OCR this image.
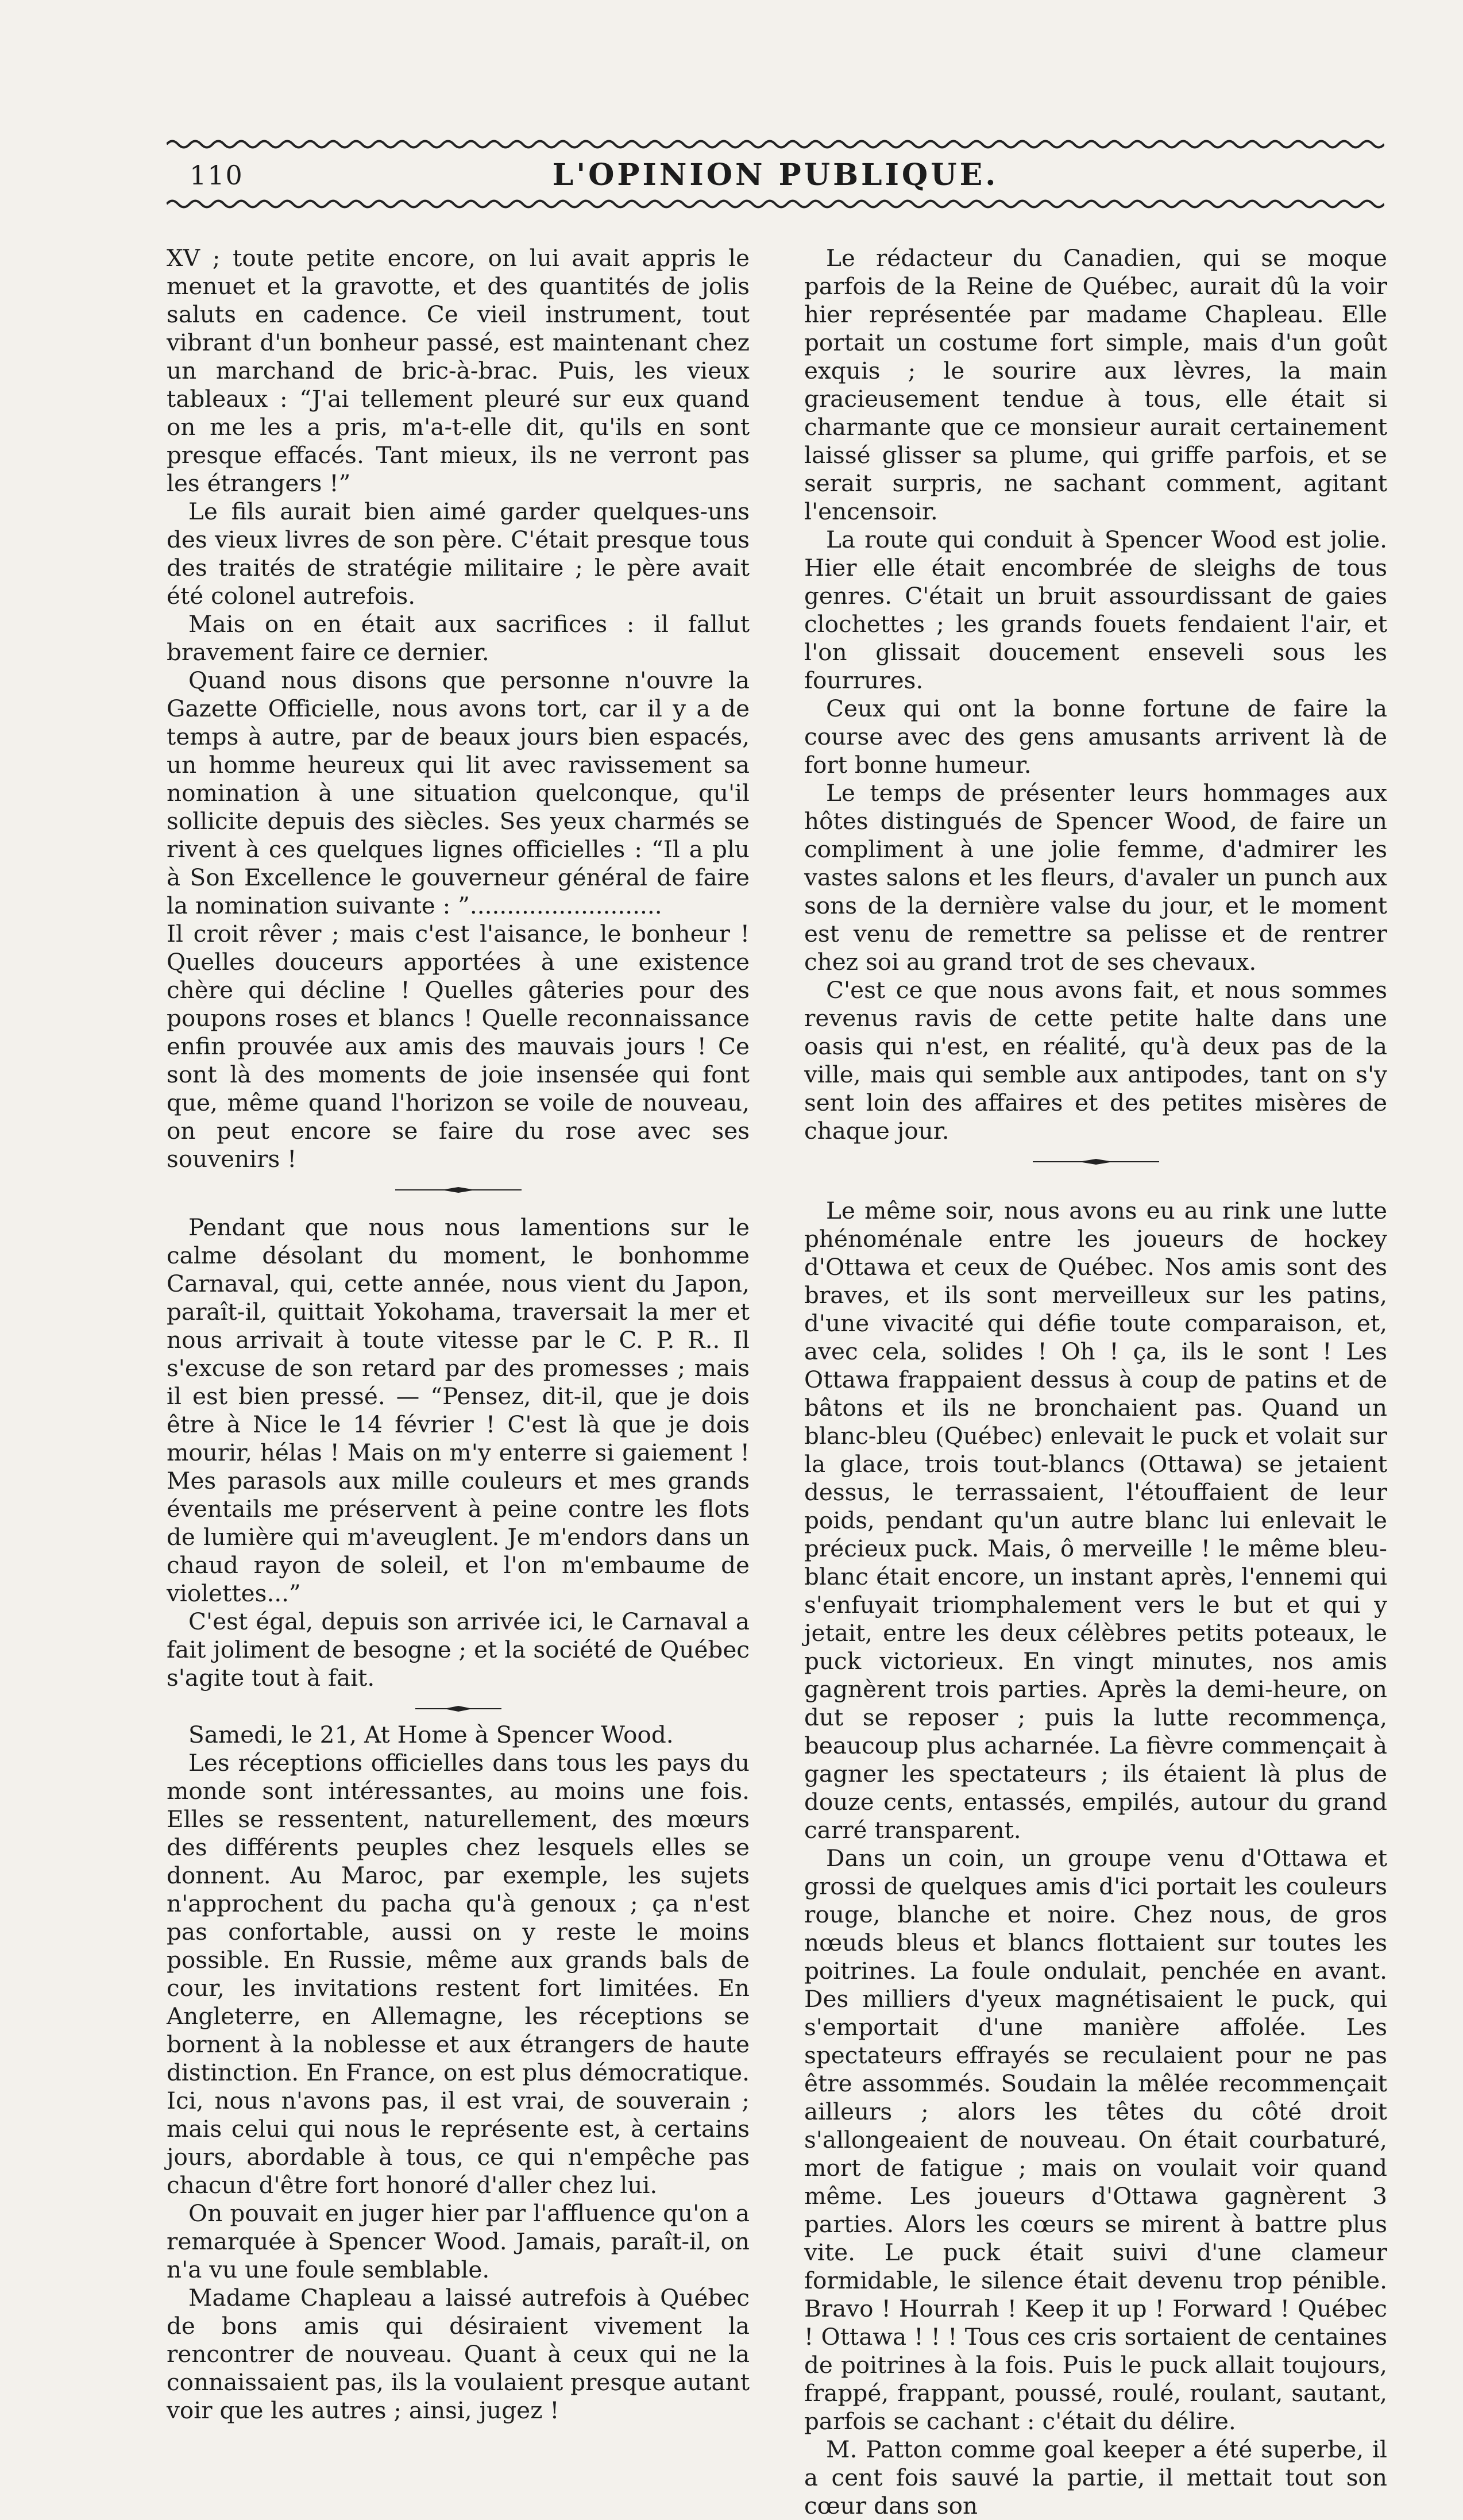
110	L'OPINION PUBLIQUE.

XV ; toute petite encore, on lui avait appris le menuet et la gravotte, et des quantités de jolis saluts en cadence. Ce vieil instrument, tout vibrant d'un bonheur passé, est maintenant chez un marchand de bric-à-brac. Puis, les vieux tableaux : “J'ai tellement pleuré sur eux quand on me les a pris, m'a-t-elle dit, qu'ils en sont presque effacés. Tant mieux, ils ne verront pas les étrangers !”

Le fils aurait bien aimé garder quelques-uns des vieux livres de son père. C'était presque tous des traités de stratégie militaire ; le père avait été colonel autrefois.

Mais on en était aux sacrifices : il fallut bravement faire ce dernier.

Quand nous disons que personne n'ouvre la Gazette Officielle, nous avons tort, car il y a de temps à autre, par de beaux jours bien espacés, un homme heureux qui lit avec ravissement sa nomination à une situation quelconque, qu'il sollicite depuis des siècles. Ses yeux charmés se rivent à ces quelques lignes officielles : “Il a plu à Son Excellence le gouverneur général de faire la nomination suivante : ”..........................

Il croit rêver ; mais c'est l'aisance, le bonheur ! Quelles douceurs apportées à une existence chère qui décline ! Quelles gâteries pour des poupons roses et blancs ! Quelle reconnaissance enfin prouvée aux amis des mauvais jours ! Ce sont là des moments de joie insensée qui font que, même quand l'horizon se voile de nouveau, on peut encore se faire du rose avec ses souvenirs !

Pendant que nous nous lamentions sur le calme désolant du moment, le bonhomme Carnaval, qui, cette année, nous vient du Japon, paraît-il, quittait Yokohama, traversait la mer et nous arrivait à toute vitesse par le C. P. R.. Il s'excuse de son retard par des promesses ; mais il est bien pressé. — “Pensez, dit-il, que je dois être à Nice le 14 février ! C'est là que je dois mourir, hélas ! Mais on m'y enterre si gaiement ! Mes parasols aux mille couleurs et mes grands éventails me préservent à peine contre les flots de lumière qui m'aveuglent. Je m'endors dans un chaud rayon de soleil, et l'on m'embaume de violettes...”

C'est égal, depuis son arrivée ici, le Carnaval a fait joliment de besogne ; et la société de Québec s'agite tout à fait.

Samedi, le 21, At Home à Spencer Wood.

Les réceptions officielles dans tous les pays du monde sont intéressantes, au moins une fois. Elles se ressentent, naturellement, des mœurs des différents peuples chez lesquels elles se donnent. Au Maroc, par exemple, les sujets n'approchent du pacha qu'à genoux ; ça n'est pas confortable, aussi on y reste le moins possible. En Russie, même aux grands bals de cour, les invitations restent fort limitées. En Angleterre, en Allemagne, les réceptions se bornent à la noblesse et aux étrangers de haute distinction. En France, on est plus démocratique. Ici, nous n'avons pas, il est vrai, de souverain ; mais celui qui nous le représente est, à certains jours, abordable à tous, ce qui n'empêche pas chacun d'être fort honoré d'aller chez lui.

On pouvait en juger hier par l'affluence qu'on a remarquée à Spencer Wood. Jamais, paraît-il, on n'a vu une foule semblable.

Madame Chapleau a laissé autrefois à Québec de bons amis qui désiraient vivement la rencontrer de nouveau. Quant à ceux qui ne la connaissaient pas, ils la voulaient presque autant voir que les autres ; ainsi, jugez !

Le rédacteur du Canadien, qui se moque parfois de la Reine de Québec, aurait dû la voir hier représentée par madame Chapleau. Elle portait un costume fort simple, mais d'un goût exquis ; le sourire aux lèvres, la main gracieusement tendue à tous, elle était si charmante que ce monsieur aurait certainement laissé glisser sa plume, qui griffe parfois, et se serait surpris, ne sachant comment, agitant l'encensoir.

La route qui conduit à Spencer Wood est jolie. Hier elle était encombrée de sleighs de tous genres. C'était un bruit assourdissant de gaies clochettes ; les grands fouets fendaient l'air, et l'on glissait doucement enseveli sous les fourrures.

Ceux qui ont la bonne fortune de faire la course avec des gens amusants arrivent là de fort bonne humeur.

Le temps de présenter leurs hommages aux hôtes distingués de Spencer Wood, de faire un compliment à une jolie femme, d'admirer les vastes salons et les fleurs, d'avaler un punch aux sons de la dernière valse du jour, et le moment est venu de remettre sa pelisse et de rentrer chez soi au grand trot de ses chevaux.

C'est ce que nous avons fait, et nous sommes revenus ravis de cette petite halte dans une oasis qui n'est, en réalité, qu'à deux pas de la ville, mais qui semble aux antipodes, tant on s'y sent loin des affaires et des petites misères de chaque jour.

Le même soir, nous avons eu au rink une lutte phénoménale entre les joueurs de hockey d'Ottawa et ceux de Québec. Nos amis sont des braves, et ils sont merveilleux sur les patins, d'une vivacité qui défie toute comparaison, et, avec cela, solides ! Oh ! ça, ils le sont ! Les Ottawa frappaient dessus à coup de patins et de bâtons et ils ne bronchaient pas. Quand un blanc-bleu (Québec) enlevait le puck et volait sur la glace, trois tout-blancs (Ottawa) se jetaient dessus, le terrassaient, l'étouffaient de leur poids, pendant qu'un autre blanc lui enlevait le précieux puck. Mais, ô merveille ! le même bleu-blanc était encore, un instant après, l'ennemi qui s'enfuyait triomphalement vers le but et qui y jetait, entre les deux célèbres petits poteaux, le puck victorieux. En vingt minutes, nos amis gagnèrent trois parties. Après la demi-heure, on dut se reposer ; puis la lutte recommença, beaucoup plus acharnée. La fièvre commençait à gagner les spectateurs ; ils étaient là plus de douze cents, entassés, empilés, autour du grand carré transparent.

Dans un coin, un groupe venu d'Ottawa et grossi de quelques amis d'ici portait les couleurs rouge, blanche et noire. Chez nous, de gros nœuds bleus et blancs flottaient sur toutes les poitrines. La foule ondulait, penchée en avant. Des milliers d'yeux magnétisaient le puck, qui s'emportait d'une manière affolée. Les spectateurs effrayés se reculaient pour ne pas être assommés. Soudain la mêlée recommençait ailleurs ; alors les têtes du côté droit s'allongeaient de nouveau. On était courbaturé, mort de fatigue ; mais on voulait voir quand même. Les joueurs d'Ottawa gagnèrent 3 parties. Alors les cœurs se mirent à battre plus vite. Le puck était suivi d'une clameur formidable, le silence était devenu trop pénible. Bravo ! Hourrah ! Keep it up ! Forward ! Québec ! Ottawa ! ! ! Tous ces cris sortaient de centaines de poitrines à la fois. Puis le puck allait toujours, frappé, frappant, poussé, roulé, roulant, sautant, parfois se cachant : c'était du délire.

M. Patton comme goal keeper a été superbe, il a cent fois sauvé la partie, il mettait tout son cœur dans son
